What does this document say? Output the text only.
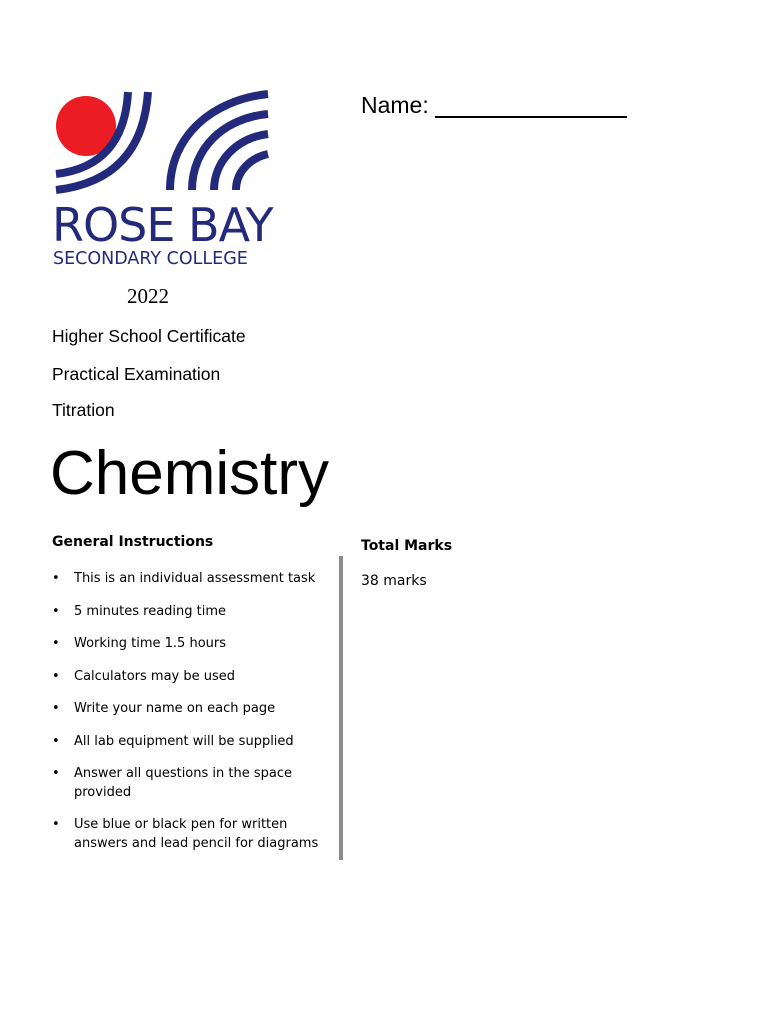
ROSE BAY
SECONDARY COLLEGE
Name:
2022
Higher School Certificate
Practical Examination
Titration
Chemistry
General Instructions
• This is an individual assessment task
• 5 minutes reading time
• Working time 1.5 hours
• Calculators may be used
• Write your name on each page
• All lab equipment will be supplied
• Answer all questions in the space provided
• Use blue or black pen for written answers and lead pencil for diagrams
Total Marks
38 marks
